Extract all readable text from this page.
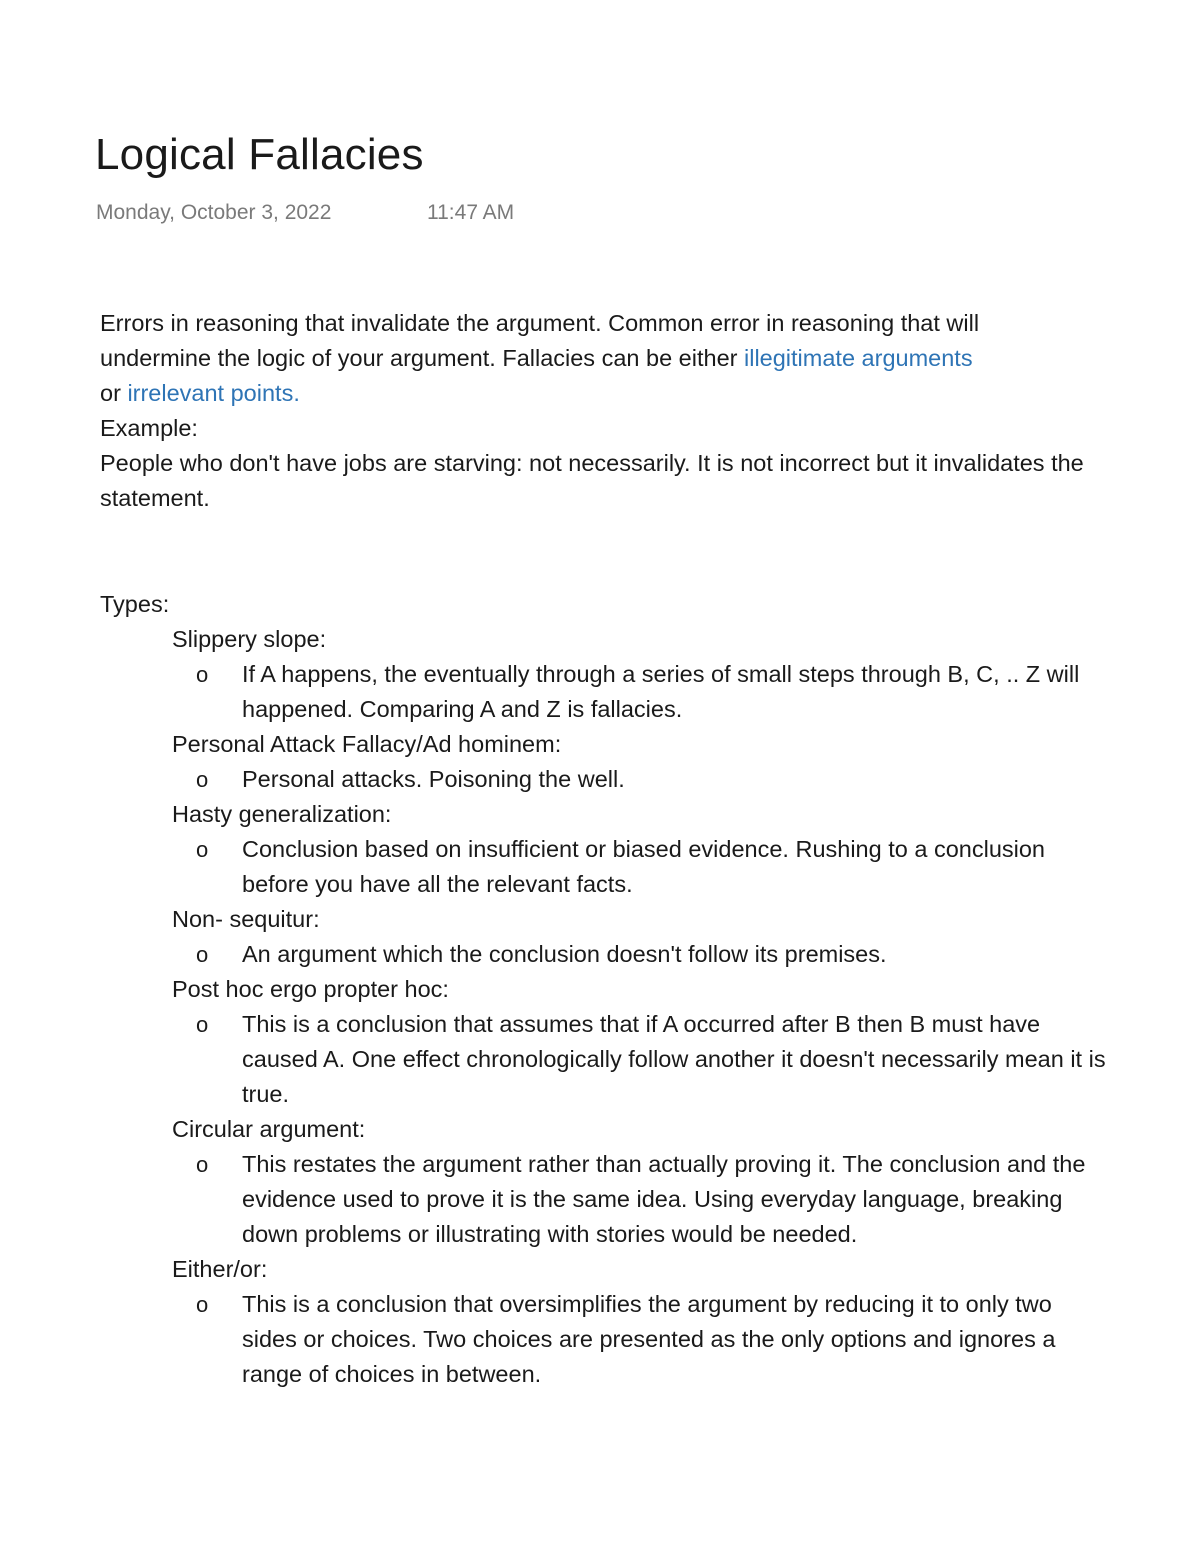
Logical Fallacies
Monday, October 3, 2022	11:47 AM

Errors in reasoning that invalidate the argument. Common error in reasoning that will

undermine the logic of your argument. Fallacies can be either illegitimate arguments

or irrelevant points.

Example:

People who don't have jobs are starving: not necessarily. It is not incorrect but it invalidates the statement.

Types:

Slippery slope:

o If A happens, the eventually through a series of small steps through B, C, .. Z will happened. Comparing A and Z is fallacies.

Personal Attack Fallacy/Ad hominem:

o Personal attacks. Poisoning the well.

Hasty generalization:

o Conclusion based on insufficient or biased evidence. Rushing to a conclusion before you have all the relevant facts.

Non- sequitur:

o An argument which the conclusion doesn't follow its premises.

Post hoc ergo propter hoc:

o This is a conclusion that assumes that if A occurred after B then B must have caused A. One effect chronologically follow another it doesn't necessarily mean it is true.

Circular argument:

o This restates the argument rather than actually proving it. The conclusion and the evidence used to prove it is the same idea. Using everyday language, breaking down problems or illustrating with stories would be needed.

Either/or:

o This is a conclusion that oversimplifies the argument by reducing it to only two sides or choices. Two choices are presented as the only options and ignores a range of choices in between.
